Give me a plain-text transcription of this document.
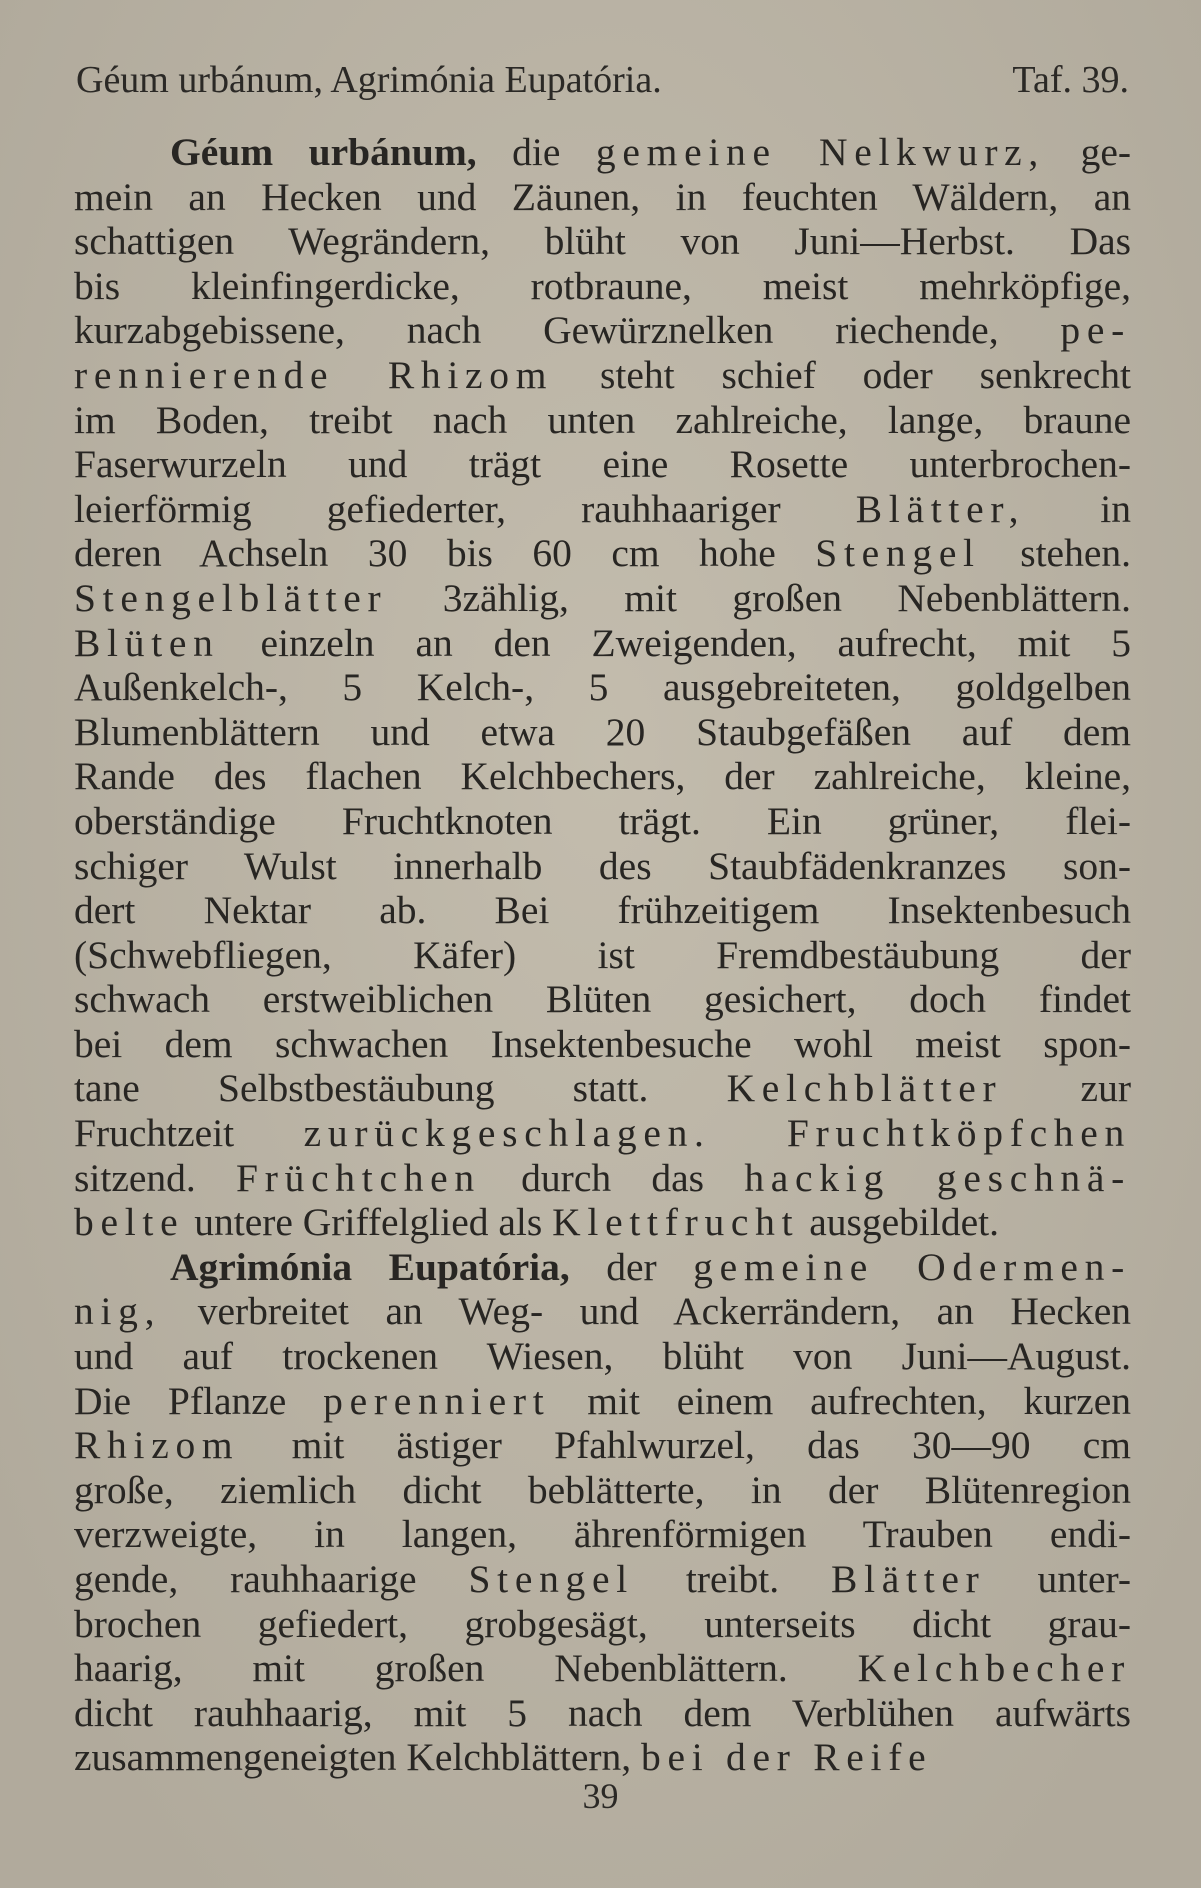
Géum urbánum, Agrimónia Eupatória.	Taf. 39.
Géum urbánum, die gemeine Nelkwurz, ge-
mein an Hecken und Zäunen, in feuchten Wäldern, an
schattigen Wegrändern, blüht von Juni—Herbst. Das
bis kleinfingerdicke, rotbraune, meist mehrköpfige,
kurzabgebissene, nach Gewürznelken riechende, pe-
rennierende Rhizom steht schief oder senkrecht
im Boden, treibt nach unten zahlreiche, lange, braune
Faserwurzeln und trägt eine Rosette unterbrochen-
leierförmig gefiederter, rauhhaariger Blätter, in
deren Achseln 30 bis 60 cm hohe Stengel stehen.
Stengelblätter 3zählig, mit großen Nebenblättern.
Blüten einzeln an den Zweigenden, aufrecht, mit 5
Außenkelch-, 5 Kelch-, 5 ausgebreiteten, goldgelben
Blumenblättern und etwa 20 Staubgefäßen auf dem
Rande des flachen Kelchbechers, der zahlreiche, kleine,
oberständige Fruchtknoten trägt. Ein grüner, flei-
schiger Wulst innerhalb des Staubfädenkranzes son-
dert Nektar ab. Bei frühzeitigem Insektenbesuch
(Schwebfliegen, Käfer) ist Fremdbestäubung der
schwach erstweiblichen Blüten gesichert, doch findet
bei dem schwachen Insektenbesuche wohl meist spon-
tane Selbstbestäubung statt. Kelchblätter zur
Fruchtzeit zurückgeschlagen. Fruchtköpfchen
sitzend. Früchtchen durch das hackig geschnä-
belte untere Griffelglied als Klettfrucht ausgebildet.
Agrimónia Eupatória, der gemeine Odermen-
nig, verbreitet an Weg- und Ackerrändern, an Hecken
und auf trockenen Wiesen, blüht von Juni—August.
Die Pflanze perenniert mit einem aufrechten, kurzen
Rhizom mit ästiger Pfahlwurzel, das 30—90 cm
große, ziemlich dicht beblätterte, in der Blütenregion
verzweigte, in langen, ährenförmigen Trauben endi-
gende, rauhhaarige Stengel treibt. Blätter unter-
brochen gefiedert, grobgesägt, unterseits dicht grau-
haarig, mit großen Nebenblättern. Kelchbecher
dicht rauhhaarig, mit 5 nach dem Verblühen aufwärts
zusammengeneigten Kelchblättern, bei der Reife
39
